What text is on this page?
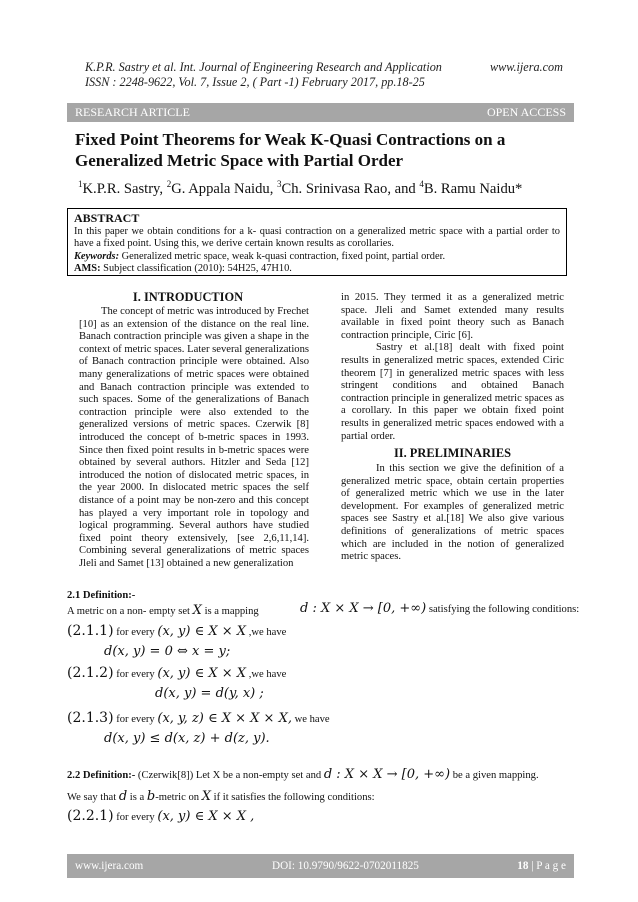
K.P.R. Sastry et al. Int. Journal of Engineering Research and Application	www.ijera.com
ISSN : 2248-9622, Vol. 7, Issue 2, ( Part -1) February 2017, pp.18-25
RESEARCH ARTICLE	OPEN ACCESS
Fixed Point Theorems for Weak K-Quasi Contractions on a
Generalized Metric Space with Partial Order
$^1$K.P.R. Sastry, $^2$G. Appala Naidu, $^3$Ch. Srinivasa Rao, and $^4$B. Ramu Naidu*
ABSTRACT
In this paper we obtain conditions for a k- quasi contraction on a generalized metric space with a partial order to have a fixed point. Using this, we derive certain known results as corollaries.
Keywords: Generalized metric space, weak k-quasi contraction, fixed point, partial order.
AMS: Subject classification (2010): 54H25, 47H10.
I. INTRODUCTION

The concept of metric was introduced by Frechet [10] as an extension of the distance on the real line. Banach contraction principle was given a shape in the context of metric spaces. Later several generalizations of Banach contraction principle were obtained. Also many generalizations of metric spaces were obtained and Banach contraction principle was extended to such spaces. Some of the generalizations of Banach contraction principle were also extended to the generalized versions of metric spaces. Czerwik [8] introduced the concept of b-metric spaces in 1993. Since then fixed point results in b-metric spaces were obtained by several authors. Hitzler and Seda [12] introduced the notion of dislocated metric spaces, in the year 2000. In dislocated metric spaces the self distance of a point may be non-zero and this concept has played a very important role in topology and logical programming. Several authors have studied fixed point theory extensively, [see 2,6,11,14]. Combining several generalizations of metric spaces Jleli and Samet [13] obtained a new generalization

in 2015. They termed it as a generalized metric space. Jleli and Samet extended many results available in fixed point theory such as Banach contraction principle, Ciric [6].

Sastry et al.[18] dealt with fixed point results in generalized metric spaces, extended Ciric theorem [7] in generalized metric spaces with less stringent conditions and obtained Banach contraction principle in generalized metric spaces as a corollary. In this paper we obtain fixed point results in generalized metric spaces endowed with a partial order.

II. PRELIMINARIES

In this section we give the definition of a generalized metric space, obtain certain properties of generalized metric which we use in the later development. For examples of generalized metric spaces see Sastry et al.[18] We also give various definitions of generalizations of metric spaces which are included in the notion of generalized metric spaces.

2.1 Definition:-
A metric on a non- empty set X is a mapping	d : X × X → [0, +∞) satisfying the following conditions:
(2.1.1) for every (x, y) ∈ X × X ,we have
d(x, y) = 0 ⇔ x = y;
(2.1.2) for every (x, y) ∈ X × X ,we have
d(x, y) = d(y, x) ;
(2.1.3) for every (x, y, z) ∈ X × X × X, we have
d(x, y) ≤ d(x, z) + d(z, y).
2.2 Definition:- (Czerwik[8]) Let X be a non-empty set and d : X × X → [0, +∞) be a given mapping.
We say that d is a b-metric on X if it satisfies the following conditions:
(2.2.1) for every (x, y) ∈ X × X ,
www.ijera.com	DOI: 10.9790/9622-0702011825	18 | P a g e
